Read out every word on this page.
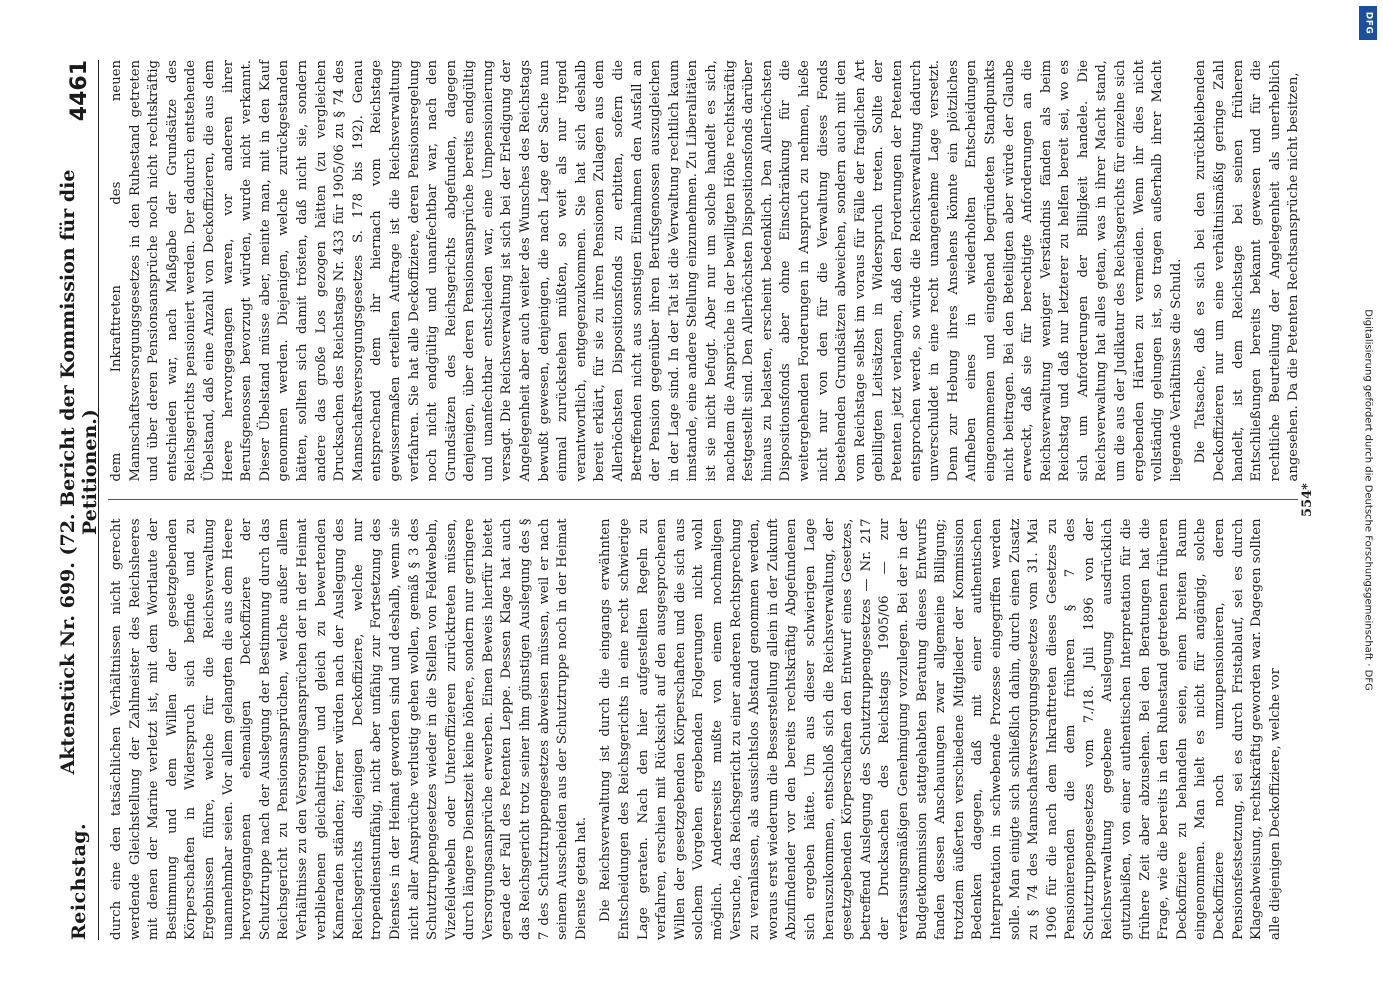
Reichstag.
Aktenstück Nr. 699. (72. Bericht der Kommission für die Petitionen.)
4461

durch eine den tatsächlichen Verhältnissen nicht gerecht werdende Gleichstellung der Zahlmeister des Reichsheeres mit denen der Marine verletzt ist, mit dem Wortlaute der Bestimmung und dem Willen der gesetzgebenden Körperschaften in Widerspruch sich befinde und zu Ergebnissen führe, welche für die Reichsverwaltung unannehmbar seien. Vor allem gelangten die aus dem Heere hervorgegangenen ehemaligen Deckoffiziere der Schutztruppe nach der Auslegung der Bestimmung durch das Reichsgericht zu Pensionsansprüchen, welche außer allem Verhältnisse zu den Versorgungsansprüchen der in der Heimat verbliebenen gleichaltrigen und gleich zu bewertenden Kameraden ständen; ferner würden nach der Auslegung des Reichsgerichts diejenigen Deckoffiziere, welche nur tropendienstunfähig, nicht aber unfähig zur Fortsetzung des Dienstes in der Heimat geworden sind und deshalb, wenn sie nicht aller Ansprüche verlustig gehen wollen, gemäß § 3 des Schutztruppengesetzes wieder in die Stellen von Feldwebeln, Vizefeldwebeln oder Unteroffizieren zurücktreten müssen, durch längere Dienstzeit keine höhere, sondern nur geringere Versorgungsansprüche erwerben. Einen Beweis hierfür bietet gerade der Fall des Petenten Leppe. Dessen Klage hat auch das Reichsgericht trotz seiner ihm günstigen Auslegung des § 7 des Schutztruppengesetzes abweisen müssen, weil er nach seinem Ausscheiden aus der Schutztruppe noch in der Heimat Dienste getan hat. Die Reichsverwaltung ist durch die eingangs erwähnten Entscheidungen des Reichsgerichts in eine recht schwierige Lage geraten. Nach den hier aufgestellten Regeln zu verfahren, erschien mit Rücksicht auf den ausgesprochenen Willen der gesetzgebenden Körperschaften und die sich aus solchem Vorgehen ergebenden Folgerungen nicht wohl möglich. Andererseits mußte von einem nochmaligen Versuche, das Reichsgericht zu einer anderen Rechtsprechung zu veranlassen, als aussichtslos Abstand genommen werden, woraus erst wiederum die Besserstellung allein in der Zukunft Abzufindender vor den bereits rechtskräftig Abgefundenen sich ergeben hätte. Um aus dieser schwierigen Lage herauszukommen, entschloß sich die Reichsverwaltung, der gesetzgebenden Körperschaften den Entwurf eines Gesetzes, betreffend Auslegung des Schutztruppengesetzes — Nr. 217 der Drucksachen des Reichstags 1905/06 — zur verfassungsmäßigen Genehmigung vorzulegen. Bei der in der Budgetkommission stattgehabten Beratung dieses Entwurfs fanden dessen Anschauungen zwar allgemeine Billigung; trotzdem äußerten verschiedene Mitglieder der Kommission Bedenken dagegen, daß mit einer authentischen Interpretation in schwebende Prozesse eingegriffen werden solle. Man einigte sich schließlich dahin, durch einen Zusatz zu § 74 des Mannschaftsversorgungsgesetzes vom 31. Mai 1906 für die nach dem Inkrafttreten dieses Gesetzes zu Pensionierenden die dem früheren § 7 des Schutztruppengesetzes vom 7./18. Juli 1896 von der Reichsverwaltung gegebene Auslegung ausdrücklich gutzuheißen, von einer authentischen Interpretation für die frühere Zeit aber abzusehen. Bei den Beratungen hat die Frage, wie die bereits in den Ruhestand getretenen früheren Deckoffiziere zu behandeln seien, einen breiten Raum eingenommen. Man hielt es nicht für angängig, solche Deckoffiziere noch umzupensionieren, deren Pensionsfestsetzung, sei es durch Fristablauf, sei es durch Klageabweisung, rechtskräftig geworden war. Dagegen sollten alle diejenigen Deckoffiziere, welche vor

dem Inkrafttreten des neuen Mannschaftsversorgungsgesetzes in den Ruhestand getreten und über deren Pensionsansprüche noch nicht rechtskräftig entschieden war, nach Maßgabe der Grundsätze des Reichsgerichts pensioniert werden. Der dadurch entstehende Übelstand, daß eine Anzahl von Deckoffizieren, die aus dem Heere hervorgegangen waren, vor anderen ihrer Berufsgenossen bevorzugt würden, wurde nicht verkannt. Dieser Übelstand müsse aber, meinte man, mit in den Kauf genommen werden. Diejenigen, welche zurückgestanden hätten, sollten sich damit trösten, daß nicht sie, sondern andere das große Los gezogen hätten (zu vergleichen Drucksachen des Reichstags Nr. 433 für 1905/06 zu § 74 des Mannschaftsversorgungsgesetzes S. 178 bis 192). Genau entsprechend dem ihr hiernach vom Reichstage gewissermaßen erteilten Auftrage ist die Reichsverwaltung verfahren. Sie hat alle Deckoffiziere, deren Pensionsregelung noch nicht endgültig und unanfechtbar war, nach den Grundsätzen des Reichsgerichts abgefunden, dagegen denjenigen, über deren Pensionsansprüche bereits endgültig und unanfechtbar entschieden war, eine Umpensionierung versagt. Die Reichsverwaltung ist sich bei der Erledigung der Angelegenheit aber auch weiter des Wunsches des Reichstags bewußt gewesen, denjenigen, die nach Lage der Sache nun einmal zurückstehen müßten, so weit als nur irgend verantwortlich, entgegenzukommen. Sie hat sich deshalb bereit erklärt, für sie zu ihren Pensionen Zulagen aus dem Allerhöchsten Dispositionsfonds zu erbitten, sofern die Betreffenden nicht aus sonstigen Einnahmen den Ausfall an der Pension gegenüber ihren Berufsgenossen auszugleichen in der Lage sind. In der Tat ist die Verwaltung rechtlich kaum imstande, eine andere Stellung einzunehmen. Zu Liberalitäten ist sie nicht befugt. Aber nur um solche handelt es sich, nachdem die Ansprüche in der bewilligten Höhe rechtskräftig festgestellt sind. Den Allerhöchsten Dispositionsfonds darüber hinaus zu belasten, erscheint bedenklich. Den Allerhöchsten Dispositionsfonds aber ohne Einschränkung für die weitergehenden Forderungen in Anspruch zu nehmen, hieße nicht nur von den für die Verwaltung dieses Fonds bestehenden Grundsätzen abweichen, sondern auch mit den vom Reichstage selbst im voraus für Fälle der fraglichen Art gebilligten Leitsätzen in Widerspruch treten. Sollte der Petenten jetzt verlangen, daß den Forderungen der Petenten entsprochen werde, so würde die Reichsverwaltung dadurch unverschuldet in eine recht unangenehme Lage versetzt. Denn zur Hebung ihres Ansehens könnte ein plötzliches Aufheben eines in wiederholten Entscheidungen eingenommenen und eingehend begründeten Standpunkts nicht beitragen. Bei den Beteiligten aber würde der Glaube erweckt, daß sie für berechtigte Anforderungen an die Reichsverwaltung weniger Verständnis fänden als beim Reichstag und daß nur letzterer zu helfen bereit sei, wo es sich um Anforderungen der Billigkeit handele. Die Reichsverwaltung hat alles getan, was in ihrer Macht stand, um die aus der Judikatur des Reichsgerichts für einzelne sich ergebenden Härten zu vermeiden. Wenn ihr dies nicht vollständig gelungen ist, so tragen außerhalb ihrer Macht liegende Verhältnisse die Schuld. Die Tatsache, daß es sich bei den zurückbleibenden Deckoffizieren nur um eine verhältnismäßig geringe Zahl handelt, ist dem Reichstage bei seinen früheren Entschließungen bereits bekannt gewesen und für die rechtliche Beurteilung der Angelegenheit als unerheblich angesehen. Da die Petenten Rechtsansprüche nicht besitzen,

554*
DFG
Digitalisierung gefördert durch die Deutsche Forschungsgemeinschaft · DFG
